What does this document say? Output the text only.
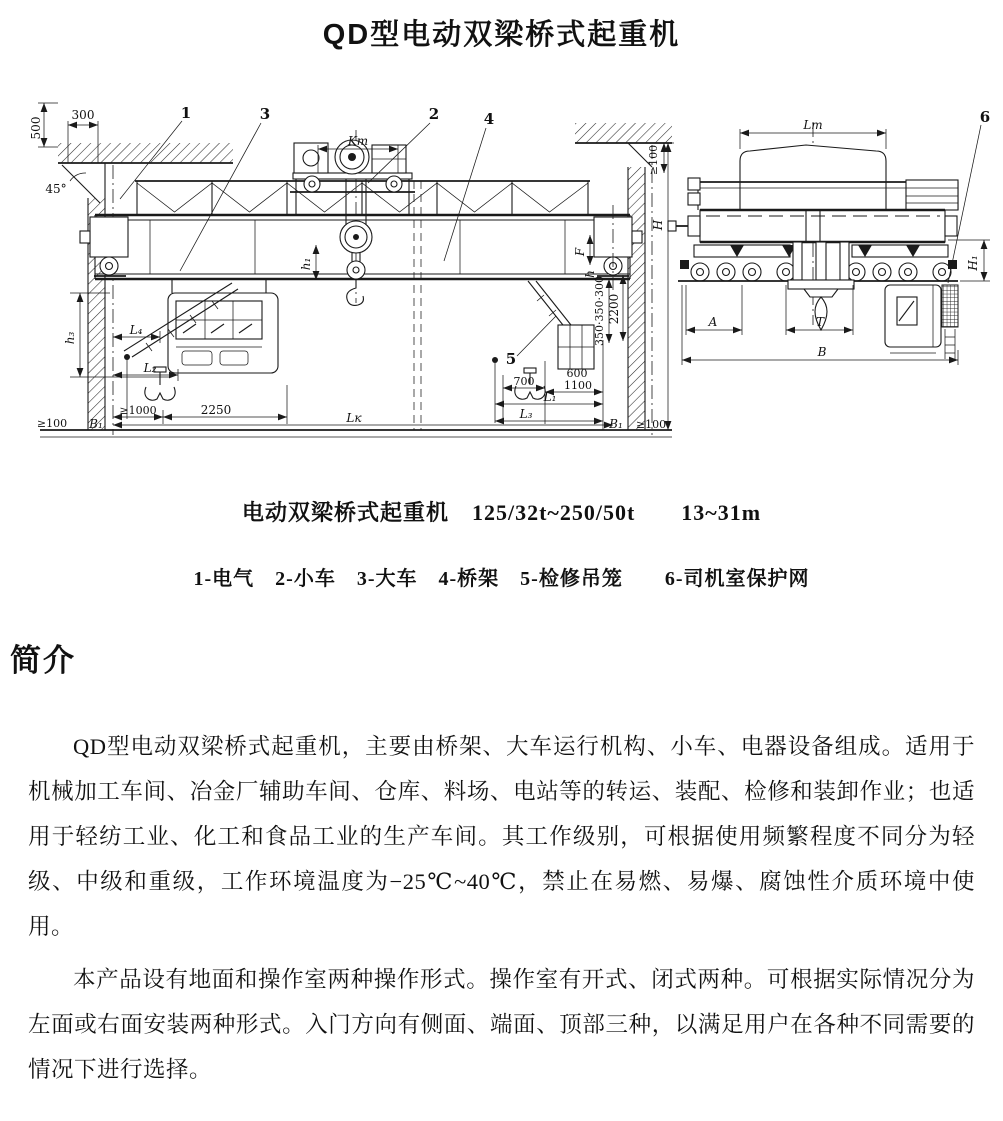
QD型电动双梁桥式起重机
1	3	2	4
5
6
300
500
45°
Kт
h₁
h₃
L₄
L₂
≥1000	2250
≥100 B₁	Lк
700
600
1100
L₁
L₃
B₁ ≥100
F
h
350·350·300 2200
H
≥100
Lт
H₁
A	T
B

电动双梁桥式起重机　125/32t~250/50t　　13~31m

1-电气　2-小车　3-大车　4-桥架　5-检修吊笼　　6-司机室保护网

简介

QD型电动双梁桥式起重机，主要由桥架、大车运行机构、小车、电器设备组成。适用于机械加工车间、冶金厂辅助车间、仓库、料场、电站等的转运、装配、检修和装卸作业；也适用于轻纺工业、化工和食品工业的生产车间。其工作级别，可根据使用频繁程度不同分为轻级、中级和重级，工作环境温度为−25℃~40℃，禁止在易燃、易爆、腐蚀性介质环境中使用。

本产品设有地面和操作室两种操作形式。操作室有开式、闭式两种。可根据实际情况分为左面或右面安装两种形式。入门方向有侧面、端面、顶部三种，以满足用户在各种不同需要的情况下进行选择。
